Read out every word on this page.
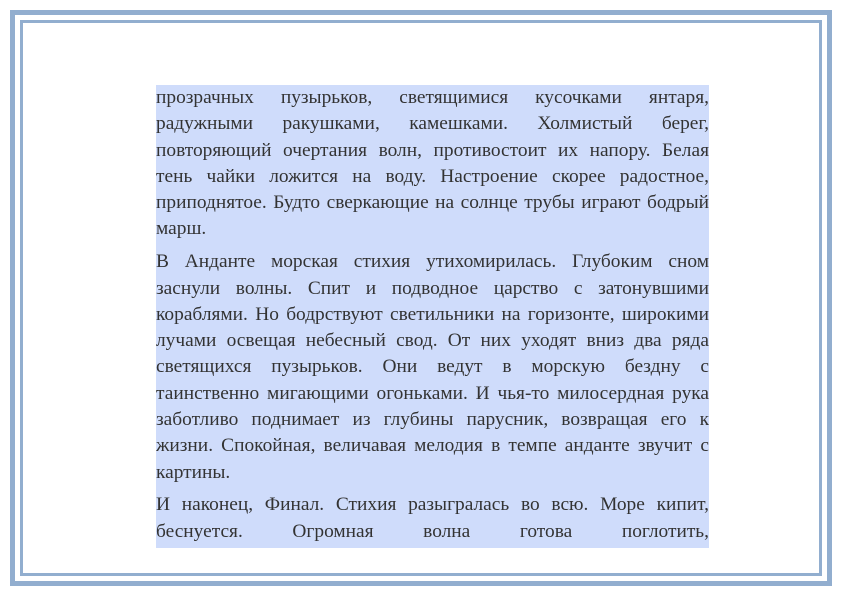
прозрачных пузырьков, светящимися кусочками янтаря, радужными ракушками, камешками. Холмистый берег, повторяющий очертания волн, противостоит их напору. Белая тень чайки ложится на воду. Настроение скорее радостное, приподнятое. Будто сверкающие на солнце трубы играют бодрый марш.

В Анданте морская стихия утихомирилась. Глубоким сном заснули волны. Спит и подводное царство с затонувшими кораблями. Но бодрствуют светильники на горизонте, широкими лучами освещая небесный свод. От них уходят вниз два ряда светящихся пузырьков. Они ведут в морскую бездну с таинственно мигающими огоньками. И чья-то милосердная рука заботливо поднимает из глубины парусник, возвращая его к жизни. Спокойная, величавая мелодия в темпе анданте звучит с картины.

И наконец, Финал. Стихия разыгралась во всю. Море кипит, беснуется. Огромная волна готова поглотить,
